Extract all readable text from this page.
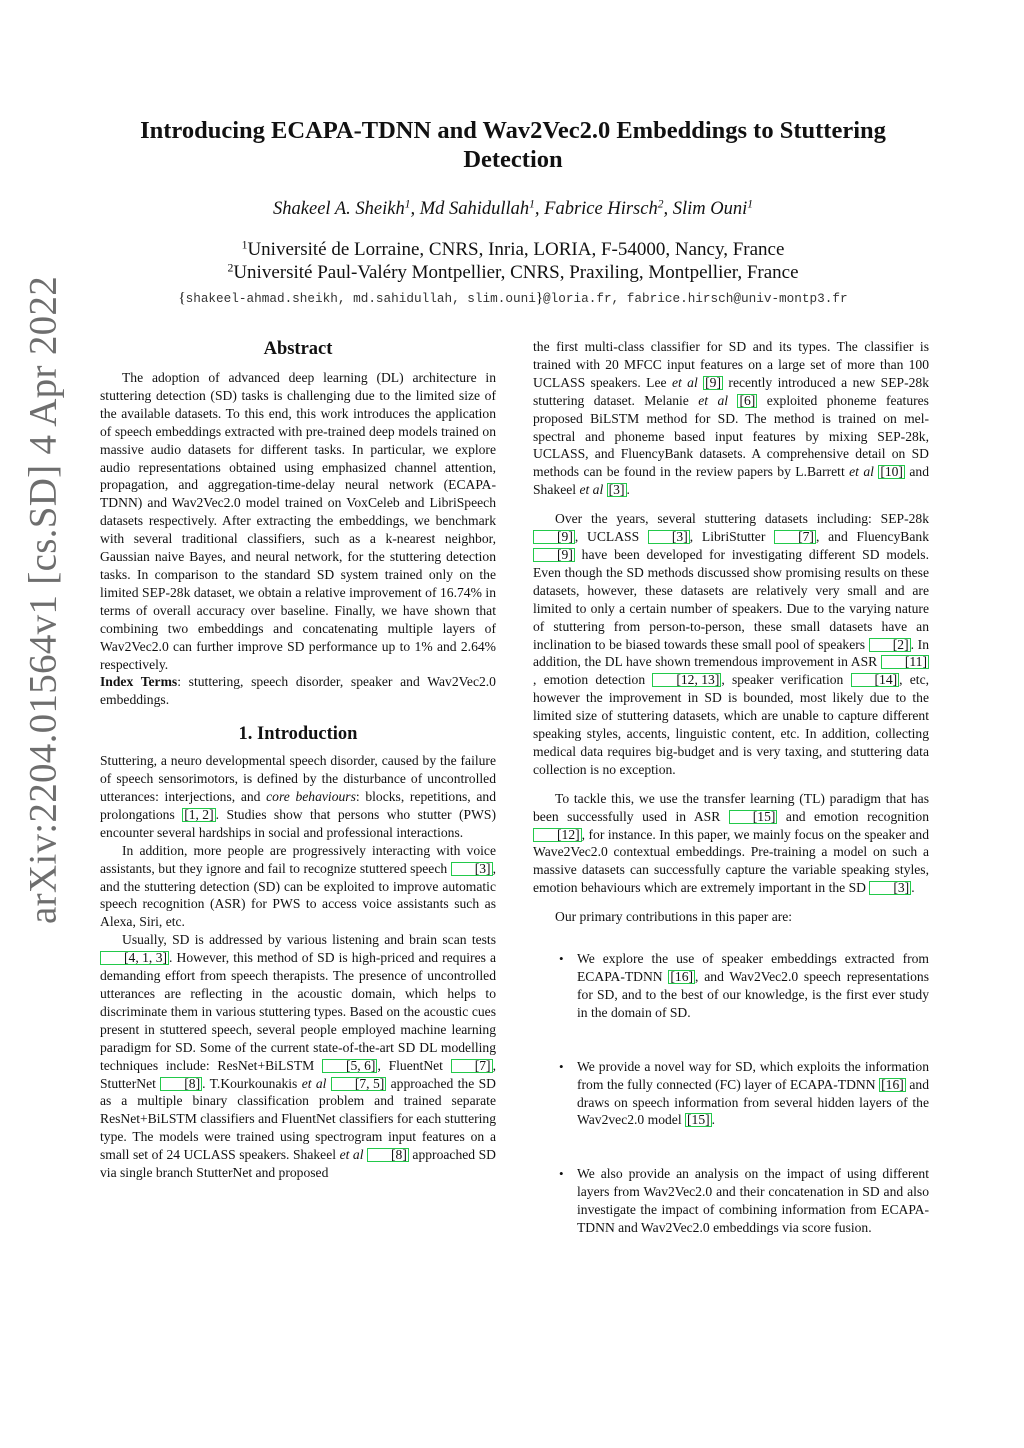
arXiv:2204.01564v1 [cs.SD] 4 Apr 2022
Introducing ECAPA-TDNN and Wav2Vec2.0 Embeddings to Stuttering Detection
Shakeel A. Sheikh$^1$, Md Sahidullah$^1$, Fabrice Hirsch$^2$, Slim Ouni$^1$
$^1$Université de Lorraine, CNRS, Inria, LORIA, F-54000, Nancy, France
$^2$Université Paul-Valéry Montpellier, CNRS, Praxiling, Montpellier, France
{shakeel-ahmad.sheikh, md.sahidullah, slim.ouni}@loria.fr, fabrice.hirsch@univ-montp3.fr
Abstract

The adoption of advanced deep learning (DL) architecture in stuttering detection (SD) tasks is challenging due to the limited size of the available datasets. To this end, this work introduces the application of speech embeddings extracted with pre-trained deep models trained on massive audio datasets for different tasks. In particular, we explore audio representations obtained using emphasized channel attention, propagation, and aggregation-time-delay neural network (ECAPA-TDNN) and Wav2Vec2.0 model trained on VoxCeleb and LibriSpeech datasets respectively. After extracting the embeddings, we benchmark with several traditional classifiers, such as a k-nearest neighbor, Gaussian naive Bayes, and neural network, for the stuttering detection tasks. In comparison to the standard SD system trained only on the limited SEP-28k dataset, we obtain a relative improvement of 16.74% in terms of overall accuracy over baseline. Finally, we have shown that combining two embeddings and concatenating multiple layers of Wav2Vec2.0 can further improve SD performance up to 1% and 2.64% respectively.

Index Terms: stuttering, speech disorder, speaker and Wav2Vec2.0 embeddings.

1. Introduction

Stuttering, a neuro developmental speech disorder, caused by the failure of speech sensorimotors, is defined by the disturbance of uncontrolled utterances: interjections, and core behaviours: blocks, repetitions, and prolongations [1, 2] . Studies show that persons who stutter (PWS) encounter several hardships in social and professional interactions.

In addition, more people are progressively interacting with voice assistants, but they ignore and fail to recognize stuttered speech [3] , and the stuttering detection (SD) can be exploited to improve automatic speech recognition (ASR) for PWS to access voice assistants such as Alexa, Siri, etc.

Usually, SD is addressed by various listening and brain scan tests [4, 1, 3] . However, this method of SD is high-priced and requires a demanding effort from speech therapists. The presence of uncontrolled utterances are reflecting in the acoustic domain, which helps to discriminate them in various stuttering types. Based on the acoustic cues present in stuttered speech, several people employed machine learning paradigm for SD. Some of the current state-of-the-art SD DL modelling techniques include: ResNet+BiLSTM [5, 6] , FluentNet [7] , StutterNet [8] . T.Kourkounakis et al [7, 5] approached the SD as a multiple binary classification problem and trained separate ResNet+BiLSTM classifiers and FluentNet classifiers for each stuttering type. The models were trained using spectrogram input features on a small set of 24 UCLASS speakers. Shakeel et al [8] approached SD via single branch StutterNet and proposed

the first multi-class classifier for SD and its types. The classifier is trained with 20 MFCC input features on a large set of more than 100 UCLASS speakers. Lee et al [9] recently introduced a new SEP-28k stuttering dataset. Melanie et al [6] exploited phoneme features proposed BiLSTM method for SD. The method is trained on mel-spectral and phoneme based input features by mixing SEP-28k, UCLASS, and FluencyBank datasets. A comprehensive detail on SD methods can be found in the review papers by L.Barrett et al [10] and Shakeel et al [3] .

Over the years, several stuttering datasets including: SEP-28k [9] , UCLASS [3] , LibriStutter [7] , and FluencyBank [9] have been developed for investigating different SD models. Even though the SD methods discussed show promising results on these datasets, however, these datasets are relatively very small and are limited to only a certain number of speakers. Due to the varying nature of stuttering from person-to-person, these small datasets have an inclination to be biased towards these small pool of speakers [2] . In addition, the DL have shown tremendous improvement in ASR [11], emotion detection [12, 13] , speaker verification [14] , etc, however the improvement in SD is bounded, most likely due to the limited size of stuttering datasets, which are unable to capture different speaking styles, accents, linguistic content, etc. In addition, collecting medical data requires big-budget and is very taxing, and stuttering data collection is no exception.

To tackle this, we use the transfer learning (TL) paradigm that has been successfully used in ASR [15] and emotion recognition [12] , for instance. In this paper, we mainly focus on the speaker and Wave2Vec2.0 contextual embeddings. Pre-training a model on such a massive datasets can successfully capture the variable speaking styles, emotion behaviours which are extremely important in the SD [3] .

Our primary contributions in this paper are:

• We explore the use of speaker embeddings extracted from ECAPA-TDNN [16] , and Wav2Vec2.0 speech representations for SD, and to the best of our knowledge, is the first ever study in the domain of SD.
• We provide a novel way for SD, which exploits the information from the fully connected (FC) layer of ECAPA-TDNN [16] and draws on speech information from several hidden layers of the Wav2vec2.0 model [15] .
• We also provide an analysis on the impact of using different layers from Wav2Vec2.0 and their concatenation in SD and also investigate the impact of combining information from ECAPA-TDNN and Wav2Vec2.0 embeddings via score fusion.
